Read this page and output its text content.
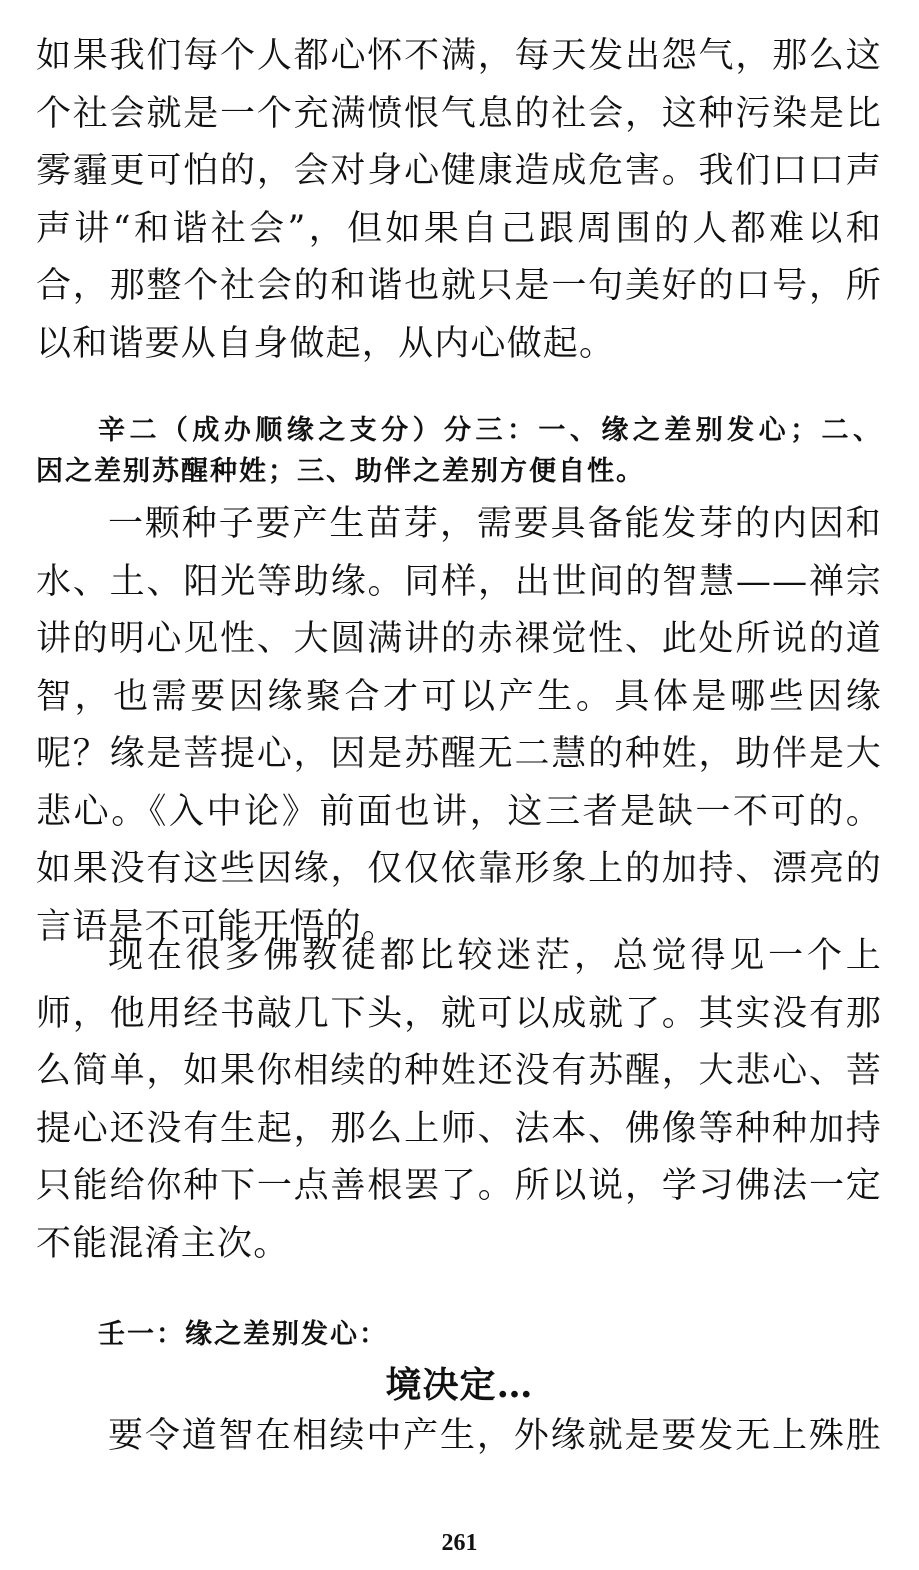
如果我们每个人都心怀不满，每天发出怨气，那么这
个社会就是一个充满愤恨气息的社会，这种污染是比
雾霾更可怕的，会对身心健康造成危害。我们口口声
声讲“和谐社会”，但如果自己跟周围的人都难以和
合，那整个社会的和谐也就只是一句美好的口号，所
以和谐要从自身做起，从内心做起。
辛二（成办顺缘之支分）分三：一、缘之差别发心；二、
因之差别苏醒种姓；三、助伴之差别方便自性。
一颗种子要产生苗芽，需要具备能发芽的内因和
水、土、阳光等助缘。同样，出世间的智慧——禅宗
讲的明心见性、大圆满讲的赤裸觉性、此处所说的道
智，也需要因缘聚合才可以产生。具体是哪些因缘
呢？缘是菩提心，因是苏醒无二慧的种姓，助伴是大
悲心。《入中论》前面也讲，这三者是缺一不可的。
如果没有这些因缘，仅仅依靠形象上的加持、漂亮的
言语是不可能开悟的。
现在很多佛教徒都比较迷茫，总觉得见一个上
师，他用经书敲几下头，就可以成就了。其实没有那
么简单，如果你相续的种姓还没有苏醒，大悲心、菩
提心还没有生起，那么上师、法本、佛像等种种加持
只能给你种下一点善根罢了。所以说，学习佛法一定
不能混淆主次。
壬一：缘之差别发心：
境决定…
要令道智在相续中产生，外缘就是要发无上殊胜
261
